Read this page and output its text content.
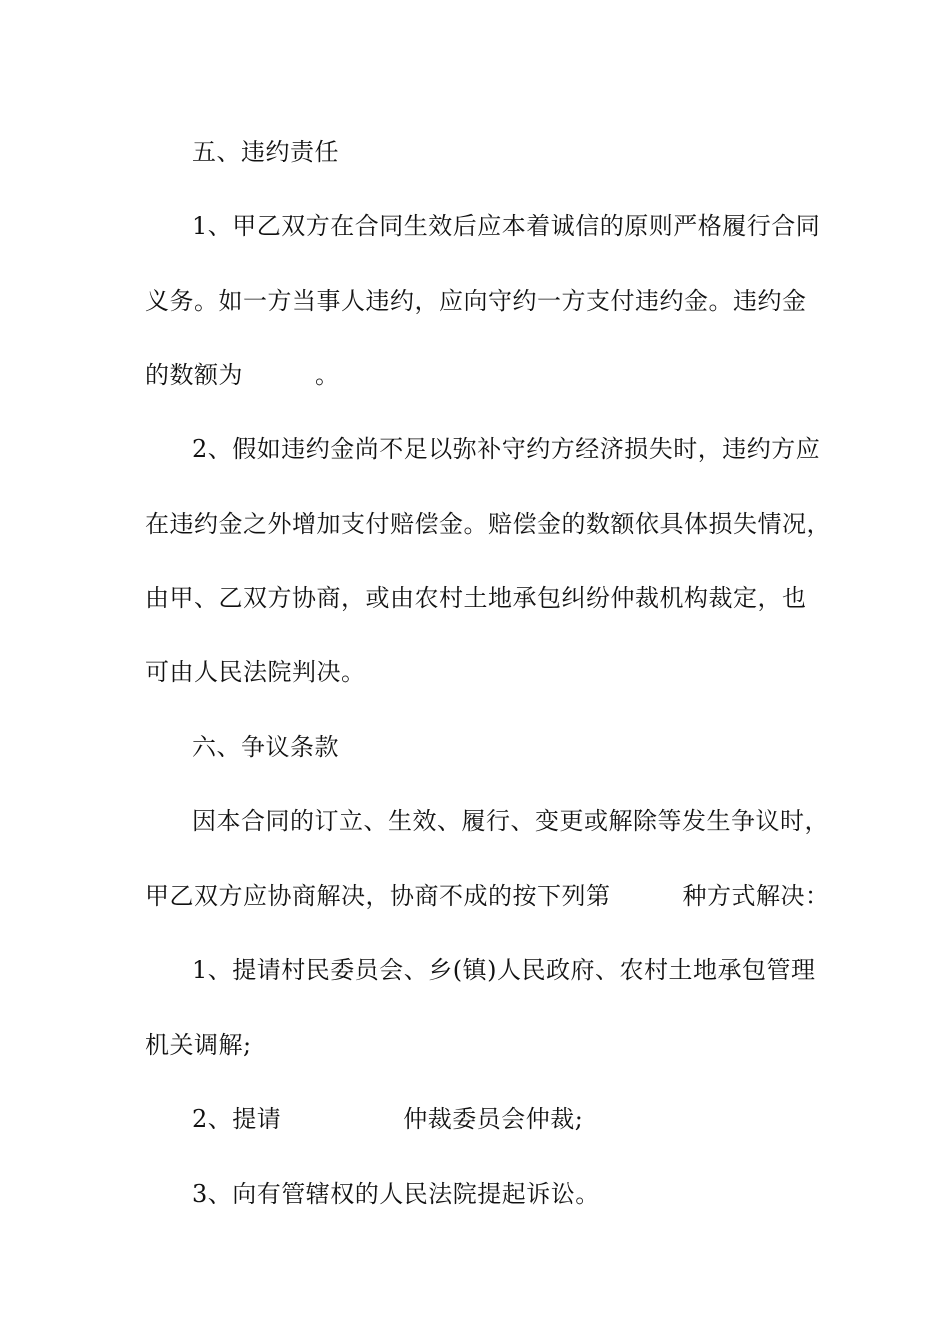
五、违约责任
1、甲乙双方在合同生效后应本着诚信的原则严格履行合同
义务。如一方当事人违约，应向守约一方支付违约金。违约金
的数额为	。
2、假如违约金尚不足以弥补守约方经济损失时，违约方应
在违约金之外增加支付赔偿金。赔偿金的数额依具体损失情况，
由甲、乙双方协商，或由农村土地承包纠纷仲裁机构裁定，也
可由人民法院判决。
六、争议条款
因本合同的订立、生效、履行、变更或解除等发生争议时，
甲乙双方应协商解决，协商不成的按下列第	种方式解决：
1、提请村民委员会、乡(镇)人民政府、农村土地承包管理
机关调解;
2、提请	仲裁委员会仲裁;
3、向有管辖权的人民法院提起诉讼。
